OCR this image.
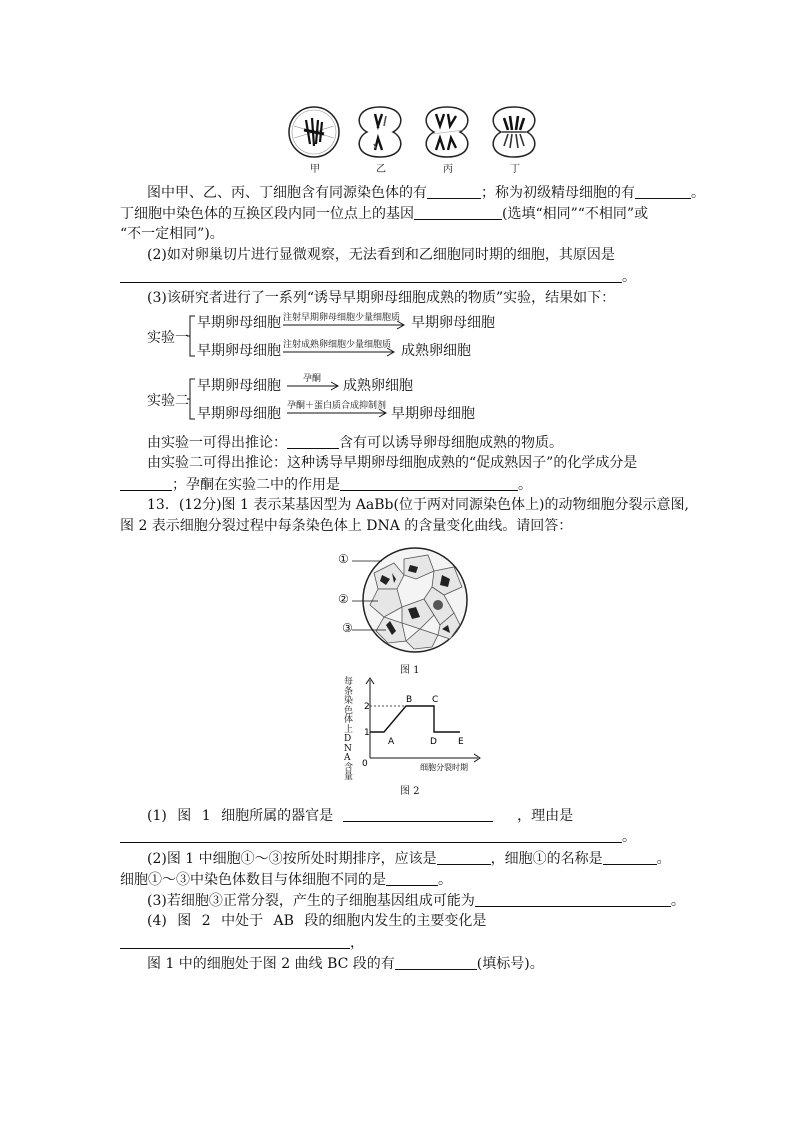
甲	乙	丙	丁
图中甲、乙、丙、丁细胞含有同源染色体的有	；称为初级精母细胞的有	。
丁细胞中染色体的互换区段内同一位点上的基因	(选填“相同”“不相同”或
“不一定相同”)。
(2)如对卵巢切片进行显微观察，无法看到和乙细胞同时期的细胞，其原因是
。
(3)该研究者进行了一系列“诱导早期卵母细胞成熟的物质”实验，结果如下：
实验一
早期卵母细胞 注射早期卵母细胞少量细胞质 早期卵母细胞
早期卵母细胞 注射成熟卵细胞少量细胞质 成熟卵细胞
实验二
早期卵母细胞 孕酮 成熟卵细胞
早期卵母细胞 孕酮＋蛋白质合成抑制剂 早期卵母细胞
由实验一可得出推论：	含有可以诱导卵母细胞成熟的物质。
由实验二可得出推论：这种诱导早期卵母细胞成熟的“促成熟因子”的化学成分是
；孕酮在实验二中的作用是	。
13．(12分)图 1 表示某基因型为 AaBb(位于两对同源染色体上)的动物细胞分裂示意图,
图 2 表示细胞分裂过程中每条染色体上 DNA 的含量变化曲线。请回答：
①
②
③
图 1
1
2
0
A
B C
D E
细胞分裂时期
每条染色体上DNA含量
图 2
(1) 图 1 细胞所属的器官是	，理由是
。
(2)图 1 中细胞①～③按所处时期排序，应该是	，细胞①的名称是	。
细胞①～③中染色体数目与体细胞不同的是	。
(3)若细胞③正常分裂，产生的子细胞基因组成可能为	。
(4) 图 2 中处于 AB 段的细胞内发生的主要变化是
，
图 1 中的细胞处于图 2 曲线 BC 段的有	(填标号)。
